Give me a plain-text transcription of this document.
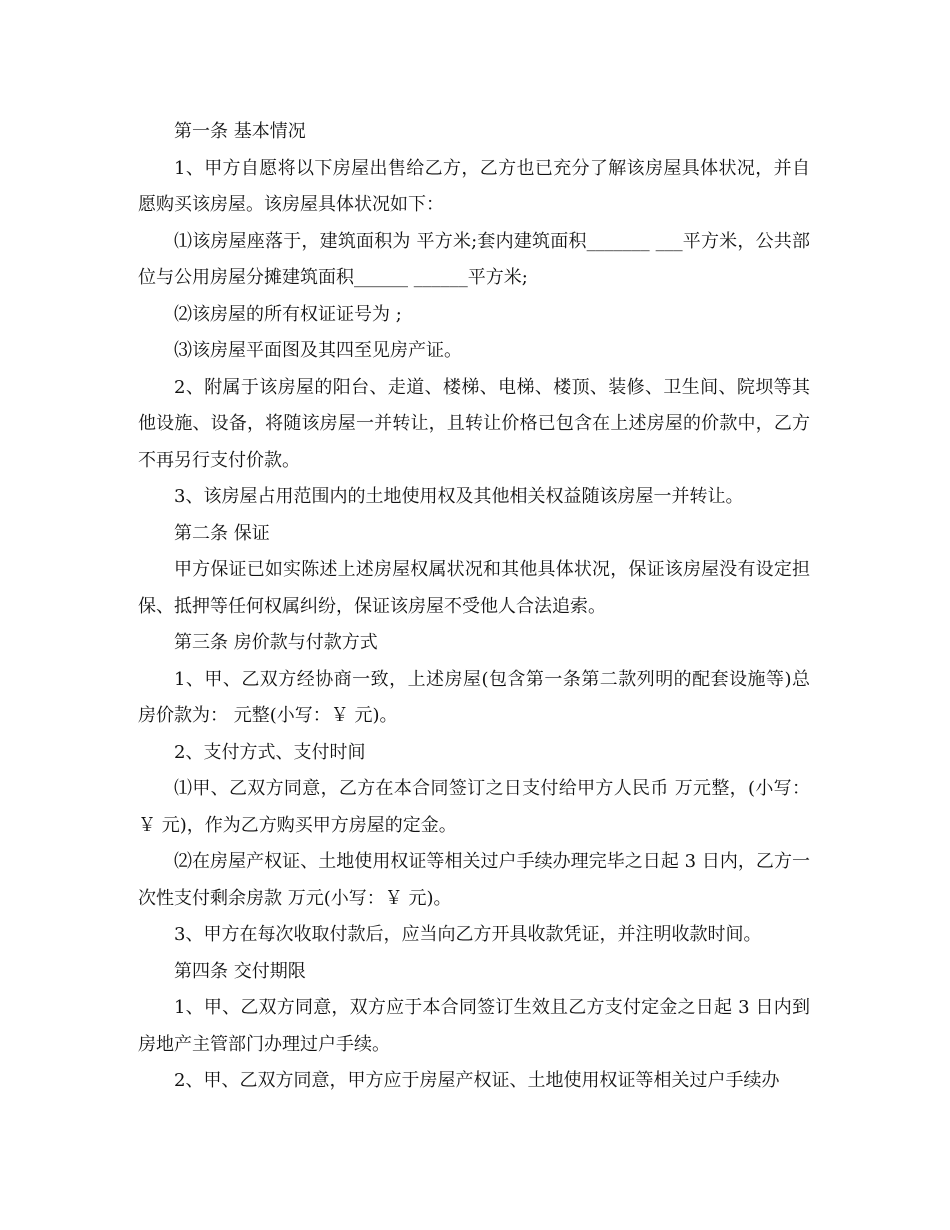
第一条 基本情况

1、甲方自愿将以下房屋出售给乙方，乙方也已充分了解该房屋具体状况，并自愿购买该房屋。该房屋具体状况如下：

⑴该房屋座落于，建筑面积为 平方米;套内建筑面积_______ ___平方米，公共部位与公用房屋分摊建筑面积______ ______平方米;

⑵该房屋的所有权证证号为 ;

⑶该房屋平面图及其四至见房产证。

2、附属于该房屋的阳台、走道、楼梯、电梯、楼顶、装修、卫生间、院坝等其他设施、设备，将随该房屋一并转让，且转让价格已包含在上述房屋的价款中，乙方不再另行支付价款。

3、该房屋占用范围内的土地使用权及其他相关权益随该房屋一并转让。

第二条 保证

甲方保证已如实陈述上述房屋权属状况和其他具体状况，保证该房屋没有设定担保、抵押等任何权属纠纷，保证该房屋不受他人合法追索。

第三条 房价款与付款方式

1、甲、乙双方经协商一致，上述房屋(包含第一条第二款列明的配套设施等)总房价款为： 元整(小写：￥ 元)。

2、支付方式、支付时间

⑴甲、乙双方同意，乙方在本合同签订之日支付给甲方人民币 万元整，(小写：￥ 元)，作为乙方购买甲方房屋的定金。

⑵在房屋产权证、土地使用权证等相关过户手续办理完毕之日起 3 日内，乙方一次性支付剩余房款 万元(小写：￥ 元)。

3、甲方在每次收取付款后，应当向乙方开具收款凭证，并注明收款时间。

第四条 交付期限

1、甲、乙双方同意，双方应于本合同签订生效且乙方支付定金之日起 3 日内到房地产主管部门办理过户手续。

2、甲、乙双方同意，甲方应于房屋产权证、土地使用权证等相关过户手续办
